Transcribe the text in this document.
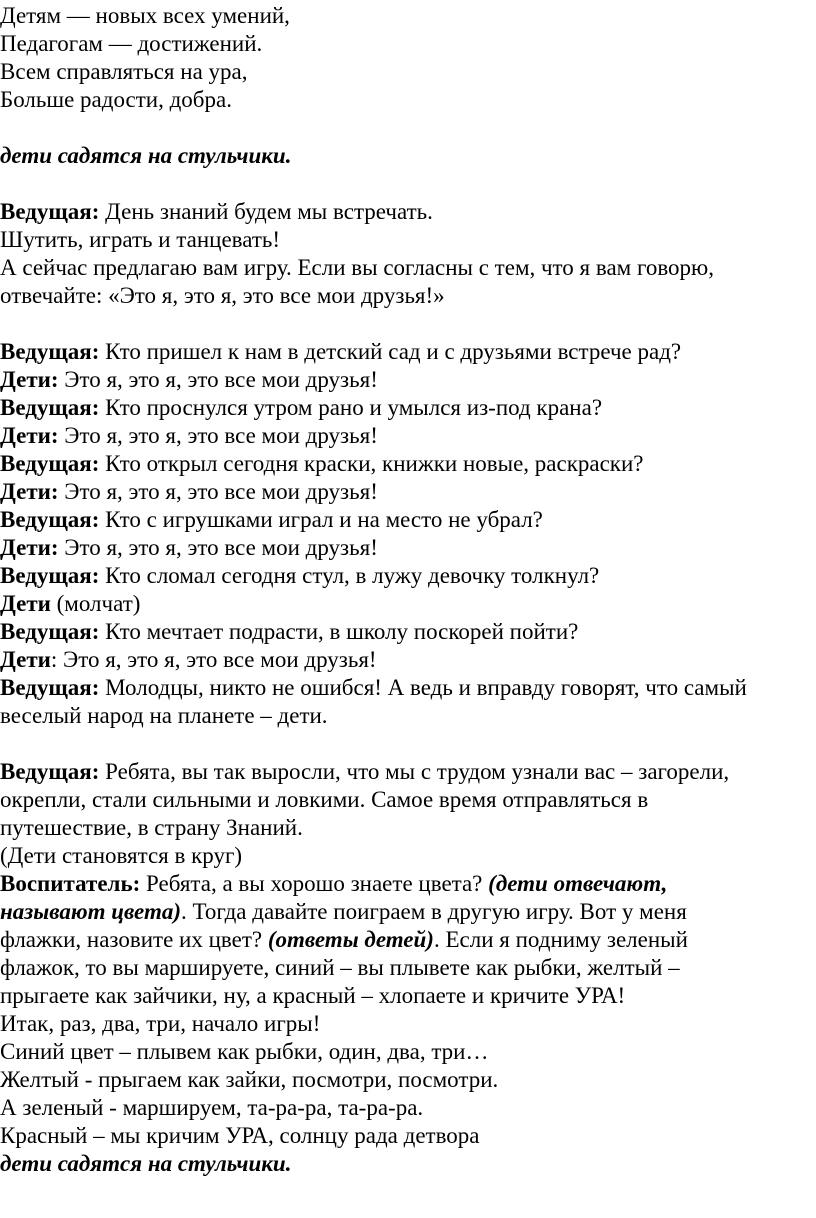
Детям — новых всех умений,
Педагогам — достижений.
Всем справляться на ура,
Больше радости, добра.
дети садятся на стульчики.
Ведущая: День знаний будем мы встречать.
Шутить, играть и танцевать!
А сейчас предлагаю вам игру. Если вы согласны с тем, что я вам говорю,
отвечайте: «Это я, это я, это все мои друзья!»
Ведущая: Кто пришел к нам в детский сад и с друзьями встрече рад?
Дети: Это я, это я, это все мои друзья!
Ведущая: Кто проснулся утром рано и умылся из-под крана?
Дети: Это я, это я, это все мои друзья!
Ведущая: Кто открыл сегодня краски, книжки новые, раскраски?
Дети: Это я, это я, это все мои друзья!
Ведущая: Кто с игрушками играл и на место не убрал?
Дети: Это я, это я, это все мои друзья!
Ведущая: Кто сломал сегодня стул, в лужу девочку толкнул?
Дети (молчат)
Ведущая: Кто мечтает подрасти, в школу поскорей пойти?
Дети: Это я, это я, это все мои друзья!
Ведущая: Молодцы, никто не ошибся! А ведь и вправду говорят, что самый
веселый народ на планете – дети.
Ведущая: Ребята, вы так выросли, что мы с трудом узнали вас – загорели,
окрепли, стали сильными и ловкими. Самое время отправляться в
путешествие, в страну Знаний.
(Дети становятся в круг)
Воспитатель: Ребята, а вы хорошо знаете цвета? (дети отвечают,
называют цвета). Тогда давайте поиграем в другую игру. Вот у меня
флажки, назовите их цвет? (ответы детей). Если я подниму зеленый
флажок, то вы маршируете, синий – вы плывете как рыбки, желтый –
прыгаете как зайчики, ну, а красный – хлопаете и кричите УРА!
Итак, раз, два, три, начало игры!
Синий цвет – плывем как рыбки, один, два, три…
Желтый - прыгаем как зайки, посмотри, посмотри.
А зеленый - маршируем, та-ра-ра, та-ра-ра.
Красный – мы кричим УРА, солнцу рада детвора
дети садятся на стульчики.
